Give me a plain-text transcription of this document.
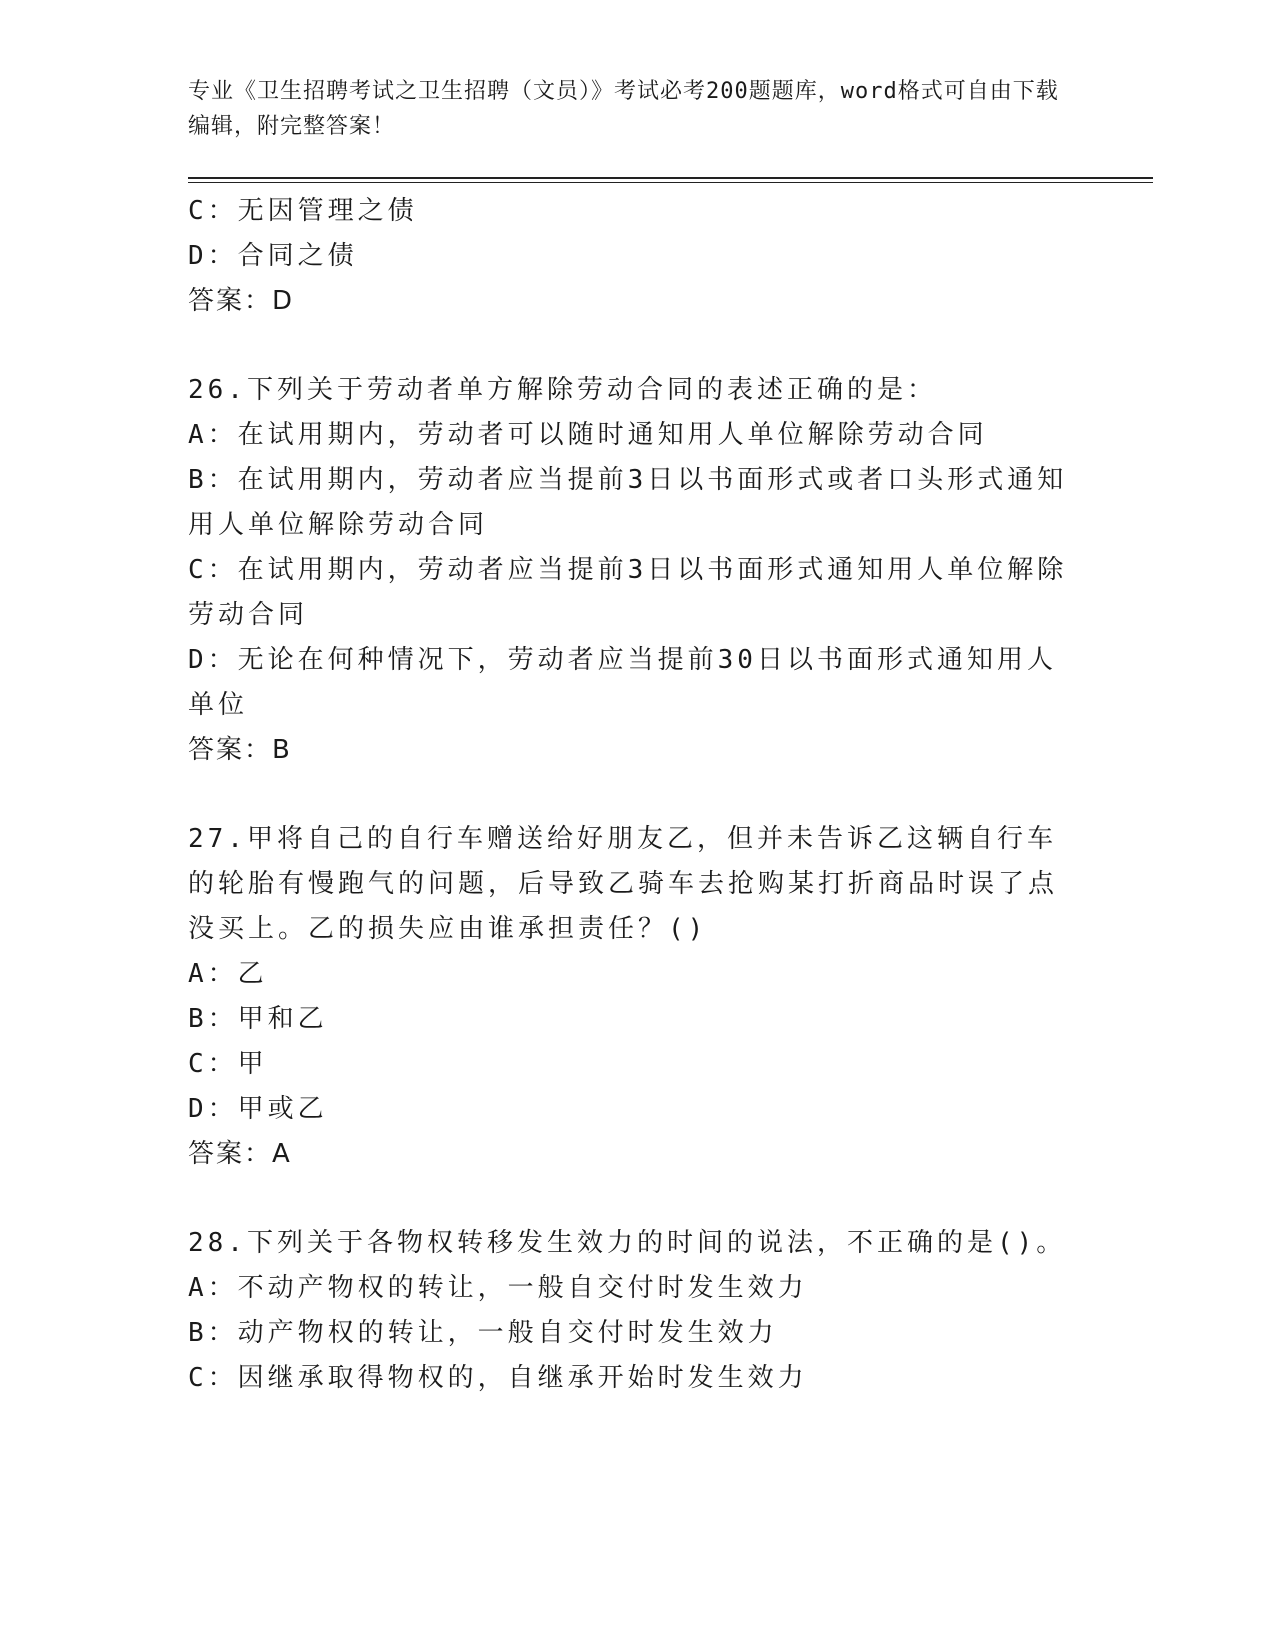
专业《卫生招聘考试之卫生招聘（文员）》考试必考200题题库，word格式可自由下载编辑，附完整答案！
C：无因管理之债
D：合同之债
答案：D
26.下列关于劳动者单方解除劳动合同的表述正确的是：
A：在试用期内，劳动者可以随时通知用人单位解除劳动合同
B：在试用期内，劳动者应当提前3日以书面形式或者口头形式通知用人单位解除劳动合同
C：在试用期内，劳动者应当提前3日以书面形式通知用人单位解除劳动合同
D：无论在何种情况下，劳动者应当提前30日以书面形式通知用人单位
答案：B
27.甲将自己的自行车赠送给好朋友乙，但并未告诉乙这辆自行车的轮胎有慢跑气的问题，后导致乙骑车去抢购某打折商品时误了点没买上。乙的损失应由谁承担责任？()
A：乙
B：甲和乙
C：甲
D：甲或乙
答案：A
28.下列关于各物权转移发生效力的时间的说法，不正确的是()。
A：不动产物权的转让，一般自交付时发生效力
B：动产物权的转让，一般自交付时发生效力
C：因继承取得物权的，自继承开始时发生效力
